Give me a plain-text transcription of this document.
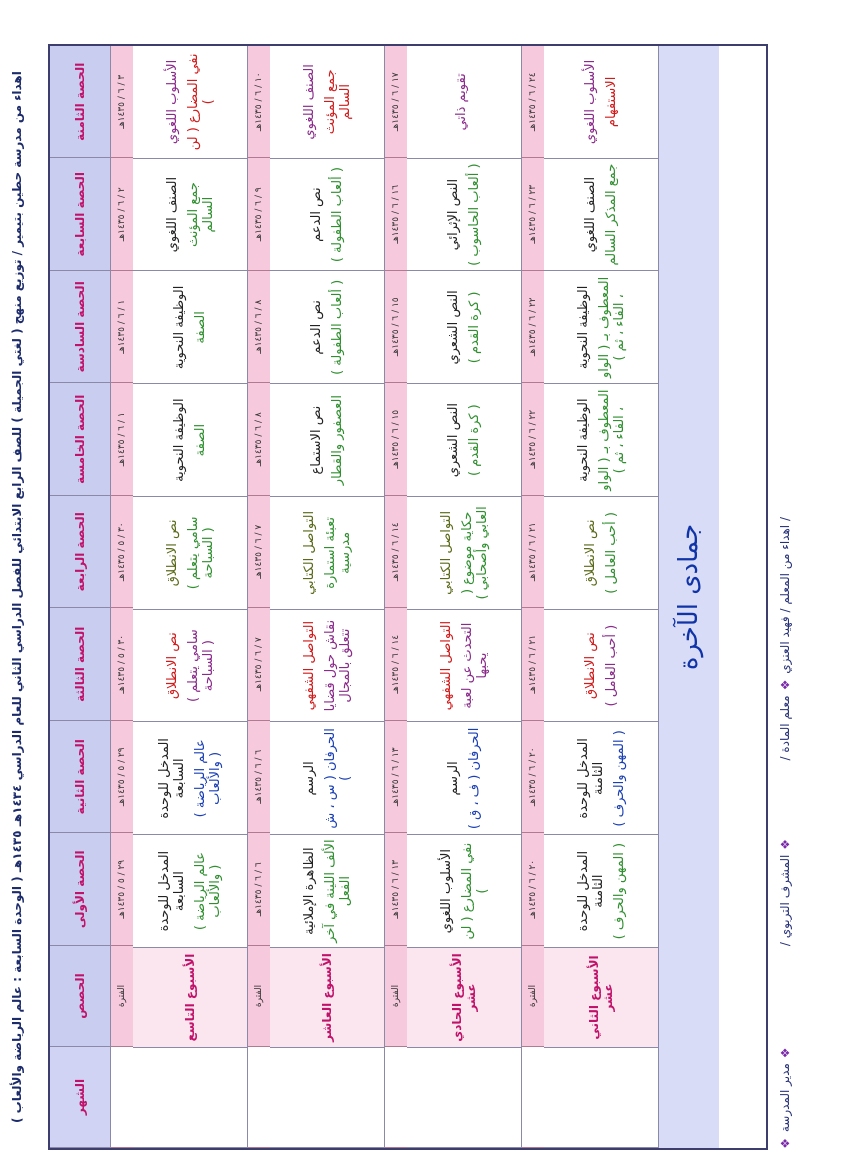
اهداء من مدرسة حطين بتيمير / توزيع منهج ( لغتي الجميلة ) للصف الرابع الابتدائي للفصل الدراسي الثاني للعام الدراسي ١٤٣٤هـ ١٤٣٥هـ ( الوحدة السابعة : عالم الرياضة والألعاب )
الشهر
الحصص
الحصة الأولى
الحصة الثانية
الحصة الثالثة
الحصة الرابعة
الحصة الخامسة
الحصة السادسة
الحصة السابعة
الحصة الثامنة
الفترة
٢٩ / ٥ / ١٤٣٥هـ
٢٩ / ٥ / ١٤٣٥هـ
٣٠ / ٥ / ١٤٣٥هـ
٣٠ / ٥ / ١٤٣٥هـ
١ / ٦ / ١٤٣٥هـ
١ / ٦ / ١٤٣٥هـ
٢ / ٦ / ١٤٣٥هـ
٣ / ٦ / ١٤٣٥هـ
الأسبوع التاسع
المدخل للوحدة السابعة
( عالم الرياضة والألعاب )
المدخل للوحدة السابعة
( عالم الرياضة والألعاب )
نص الانطلاق ( سامي يتعلم السباحة )
نص الانطلاق ( سامي يتعلم السباحة )
الوظيفة النحوية الصفة
الوظيفة النحوية الصفة
الصنف اللغوي جمع المؤنث السالم
الأسلوب اللغوي نفي المضارع ( لن )
الفترة
٦ / ٦ / ١٤٣٥هـ
٦ / ٦ / ١٤٣٥هـ
٧ / ٦ / ١٤٣٥هـ
٧ / ٦ / ١٤٣٥هـ
٨ / ٦ / ١٤٣٥هـ
٨ / ٦ / ١٤٣٥هـ
٩ / ٦ / ١٤٣٥هـ
١٠ / ٦ / ١٤٣٥هـ
الأسبوع العاشر
الظاهرة الإملائية الألف اللينة في آخر الفعل
الرسم الحرفان ( س ، ش )
التواصل الشفهي نقاش حول قضايا تتعلق بالمجال
التواصل الكتابي تعبئة استمارة مدرسية
نص الاستماع العصفور والقطار
نص الدعم
( ألعاب الطفولة )
نص الدعم
( ألعاب الطفولة )
الصنف اللغوي جمع المؤنث السالم
الفترة
١٣ / ٦ / ١٤٣٥هـ
١٣ / ٦ / ١٤٣٥هـ
١٤ / ٦ / ١٤٣٥هـ
١٤ / ٦ / ١٤٣٥هـ
١٥ / ٦ / ١٤٣٥هـ
١٥ / ٦ / ١٤٣٥هـ
١٦ / ٦ / ١٤٣٥هـ
١٧ / ٦ / ١٤٣٥هـ
الأسبوع الحادي عشر
الأسلوب اللغوي نفي المضارع ( لن )
الرسم الحرفان ( ف ، ق )
التواصل الشفهي التحدث عن لعبة يحبها
التواصل الكتابي حكاية موضوع ( العابي وأصحابي )
النص الشعري ( كرة القدم )
النص الشعري ( كرة القدم )
النص الإثرائي
( ألعاب الحاسوب )
تقويم ذاتي
الفترة
٢٠ / ٦ / ١٤٣٥هـ
٢٠ / ٦ / ١٤٣٥هـ
٢١ / ٦ / ١٤٣٥هـ
٢١ / ٦ / ١٤٣٥هـ
٢٢ / ٦ / ١٤٣٥هـ
٢٢ / ٦ / ١٤٣٥هـ
٢٣ / ٦ / ١٤٣٥هـ
٢٤ / ٦ / ١٤٣٥هـ
الأسبوع الثاني عشر
المدخل للوحدة الثامنة
( المهن والحرف )
المدخل للوحدة الثامنة
( المهن والحرف )
نص الانطلاق
( أحب العامل )
نص الانطلاق
( أحب العامل )
الوظيفة النحوية المعطوف بـ ( الواو ، الفاء ، ثم )
الوظيفة النحوية المعطوف بـ ( الواو ، الفاء ، ثم )
الصنف اللغوي جمع المذكر السالم
الأسلوب اللغوي الاستفهام
جمادى الآخرة
❖ اهداء من المعلم / فهيد العنزي ❖ معلم المادة /                    ❖ المشرف التربوي /                          ❖ مدير المدرسة /
